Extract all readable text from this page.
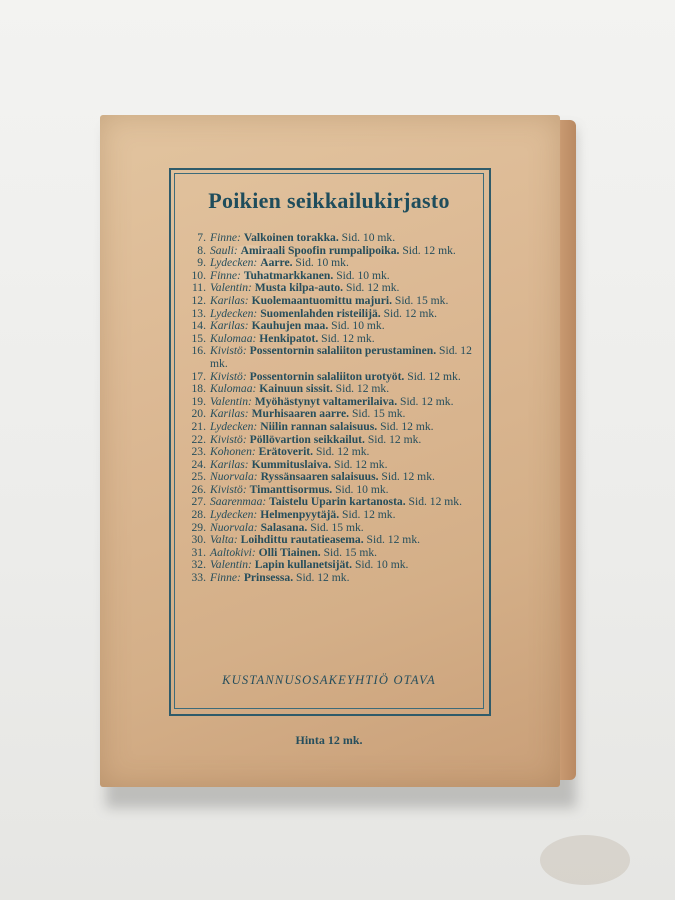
Poikien seikkailukirjasto
7. Finne: Valkoinen torakka. Sid. 10 mk.
8. Sauli: Amiraali Spoofin rumpalipoika. Sid. 12 mk.
9. Lydecken: Aarre. Sid. 10 mk.
10. Finne: Tuhatmarkkanen. Sid. 10 mk.
11. Valentin: Musta kilpa-auto. Sid. 12 mk.
12. Karilas: Kuolemaantuomittu majuri. Sid. 15 mk.
13. Lydecken: Suomenlahden risteilijä. Sid. 12 mk.
14. Karilas: Kauhujen maa. Sid. 10 mk.
15. Kulomaa: Henkipatot. Sid. 12 mk.
16. Kivistö: Possentornin salaliiton perustaminen. Sid. 12 mk.
17. Kivistö: Possentornin salaliiton urotyöt. Sid. 12 mk.
18. Kulomaa: Kainuun sissit. Sid. 12 mk.
19. Valentin: Myöhästynyt valtamerilaiva. Sid. 12 mk.
20. Karilas: Murhisaaren aarre. Sid. 15 mk.
21. Lydecken: Niilin rannan salaisuus. Sid. 12 mk.
22. Kivistö: Pöllövartion seikkailut. Sid. 12 mk.
23. Kohonen: Erätoverit. Sid. 12 mk.
24. Karilas: Kummituslaiva. Sid. 12 mk.
25. Nuorvala: Ryssänsaaren salaisuus. Sid. 12 mk.
26. Kivistö: Timanttisormus. Sid. 10 mk.
27. Saarenmaa: Taistelu Uparin kartanosta. Sid. 12 mk.
28. Lydecken: Helmenpyytäjä. Sid. 12 mk.
29. Nuorvala: Salasana. Sid. 15 mk.
30. Valta: Loihdittu rautatieasema. Sid. 12 mk.
31. Aaltokivi: Olli Tiainen. Sid. 15 mk.
32. Valentin: Lapin kullanetsijät. Sid. 10 mk.
33. Finne: Prinsessa. Sid. 12 mk.
KUSTANNUSOSAKEYHTIÖ OTAVA
Hinta 12 mk.
